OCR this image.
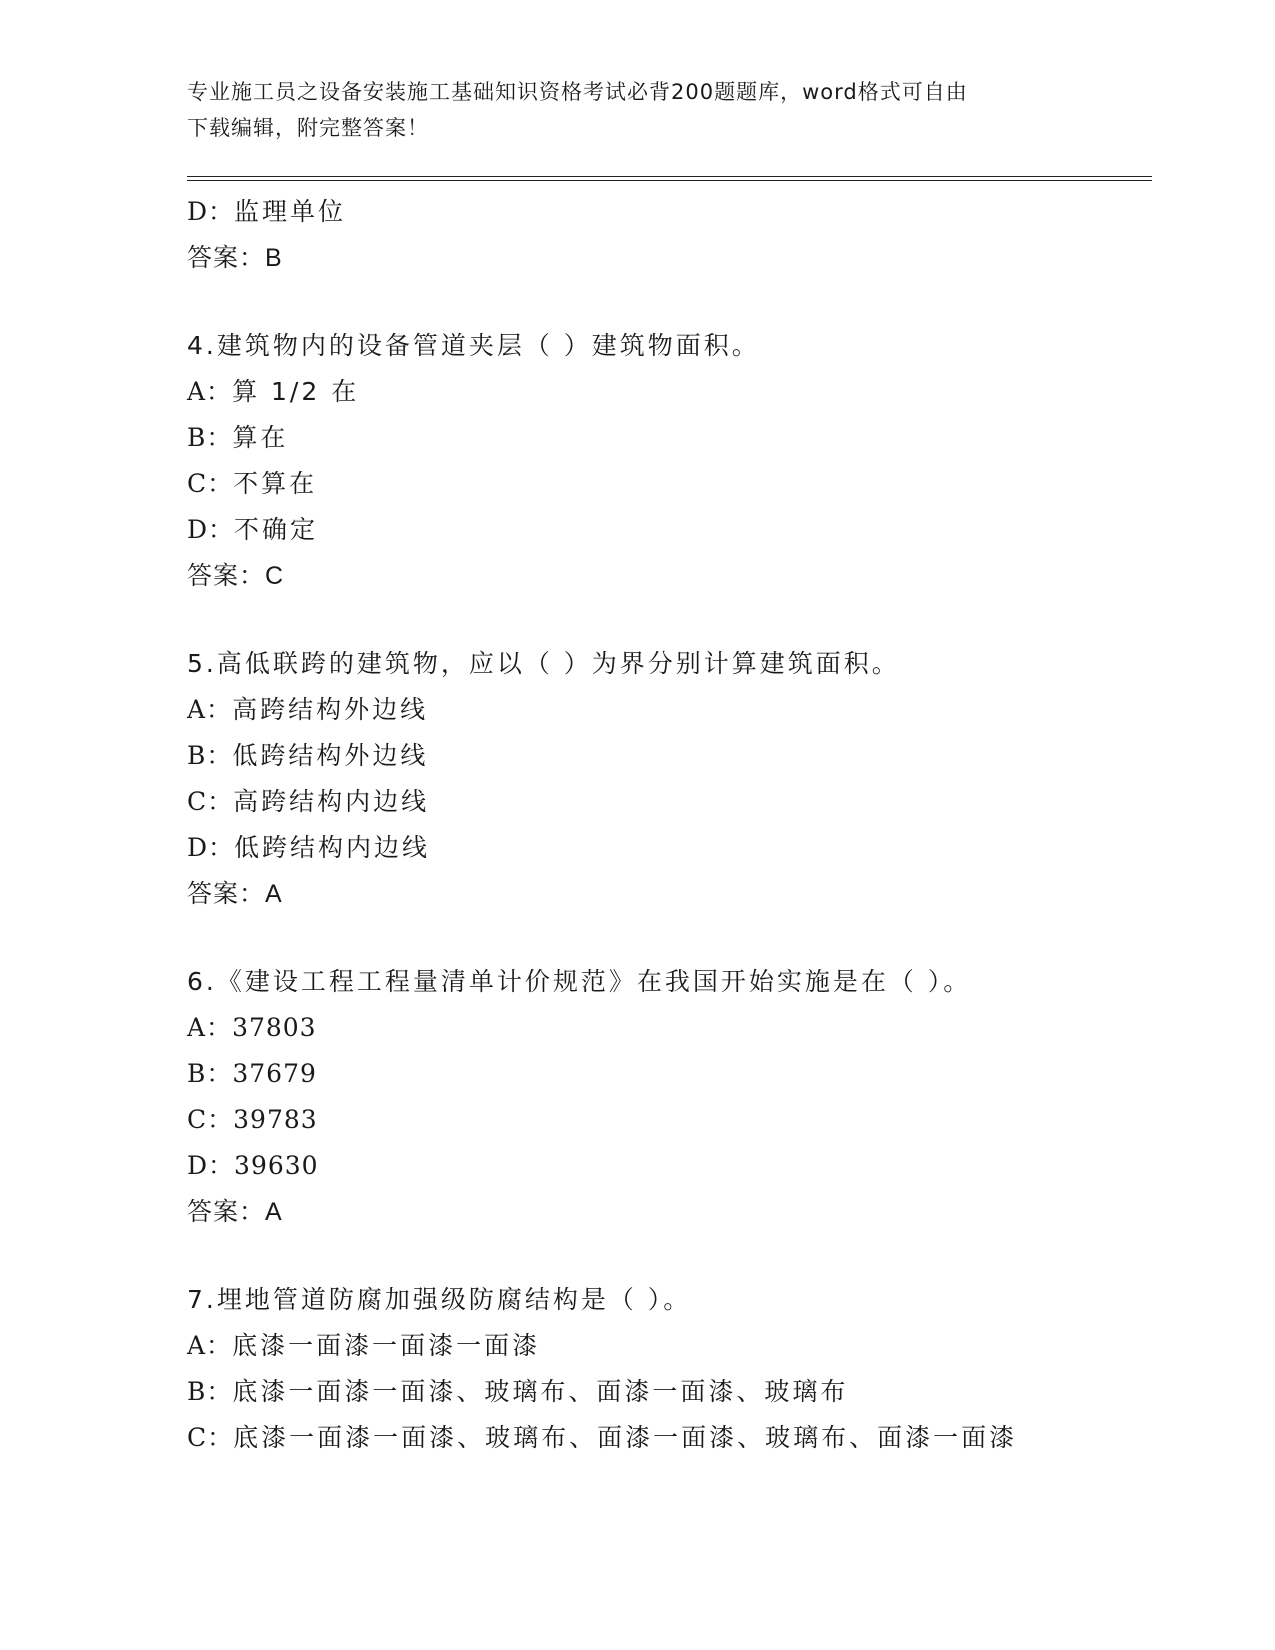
专业施工员之设备安装施工基础知识资格考试必背200题题库，word格式可自由
下载编辑，附完整答案！
D：监理单位
答案：B
4.建筑物内的设备管道夹层（ ）建筑物面积。
A：算 1/2 在
B：算在
C：不算在
D：不确定
答案：C
5.高低联跨的建筑物，应以（ ）为界分别计算建筑面积。
A：高跨结构外边线
B：低跨结构外边线
C：高跨结构内边线
D：低跨结构内边线
答案：A
6.《建设工程工程量清单计价规范》在我国开始实施是在（ ）。
A：37803
B：37679
C：39783
D：39630
答案：A
7.埋地管道防腐加强级防腐结构是（ ）。
A：底漆一面漆一面漆一面漆
B：底漆一面漆一面漆、玻璃布、面漆一面漆、玻璃布
C：底漆一面漆一面漆、玻璃布、面漆一面漆、玻璃布、面漆一面漆
